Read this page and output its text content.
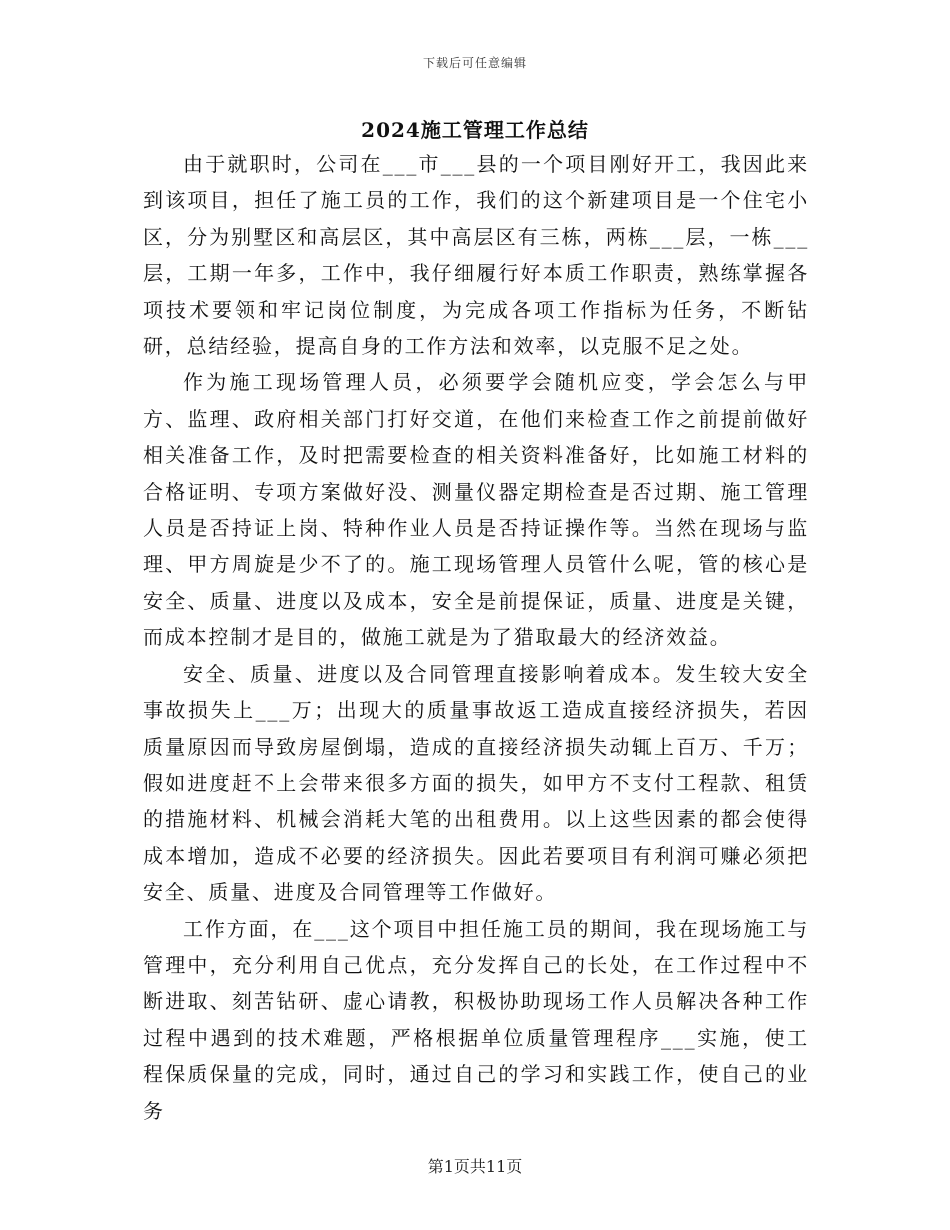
下载后可任意编辑
2024施工管理工作总结

由于就职时，公司在___市___县的一个项目刚好开工，我因此来到该项目，担任了施工员的工作，我们的这个新建项目是一个住宅小区，分为别墅区和高层区，其中高层区有三栋，两栋___层，一栋___层，工期一年多，工作中，我仔细履行好本质工作职责，熟练掌握各项技术要领和牢记岗位制度，为完成各项工作指标为任务，不断钻研，总结经验，提高自身的工作方法和效率，以克服不足之处。

作为施工现场管理人员，必须要学会随机应变，学会怎么与甲方、监理、政府相关部门打好交道，在他们来检查工作之前提前做好相关准备工作，及时把需要检查的相关资料准备好，比如施工材料的合格证明、专项方案做好没、测量仪器定期检查是否过期、施工管理人员是否持证上岗、特种作业人员是否持证操作等。当然在现场与监理、甲方周旋是少不了的。施工现场管理人员管什么呢，管的核心是安全、质量、进度以及成本，安全是前提保证，质量、进度是关键，而成本控制才是目的，做施工就是为了猎取最大的经济效益。

安全、质量、进度以及合同管理直接影响着成本。发生较大安全事故损失上___万；出现大的质量事故返工造成直接经济损失，若因质量原因而导致房屋倒塌，造成的直接经济损失动辄上百万、千万；假如进度赶不上会带来很多方面的损失，如甲方不支付工程款、租赁的措施材料、机械会消耗大笔的出租费用。以上这些因素的都会使得成本增加，造成不必要的经济损失。因此若要项目有利润可赚必须把安全、质量、进度及合同管理等工作做好。

工作方面，在___这个项目中担任施工员的期间，我在现场施工与管理中，充分利用自己优点，充分发挥自己的长处，在工作过程中不断进取、刻苦钻研、虚心请教，积极协助现场工作人员解决各种工作过程中遇到的技术难题，严格根据单位质量管理程序___实施，使工程保质保量的完成，同时，通过自己的学习和实践工作，使自己的业务

第1页共11页
